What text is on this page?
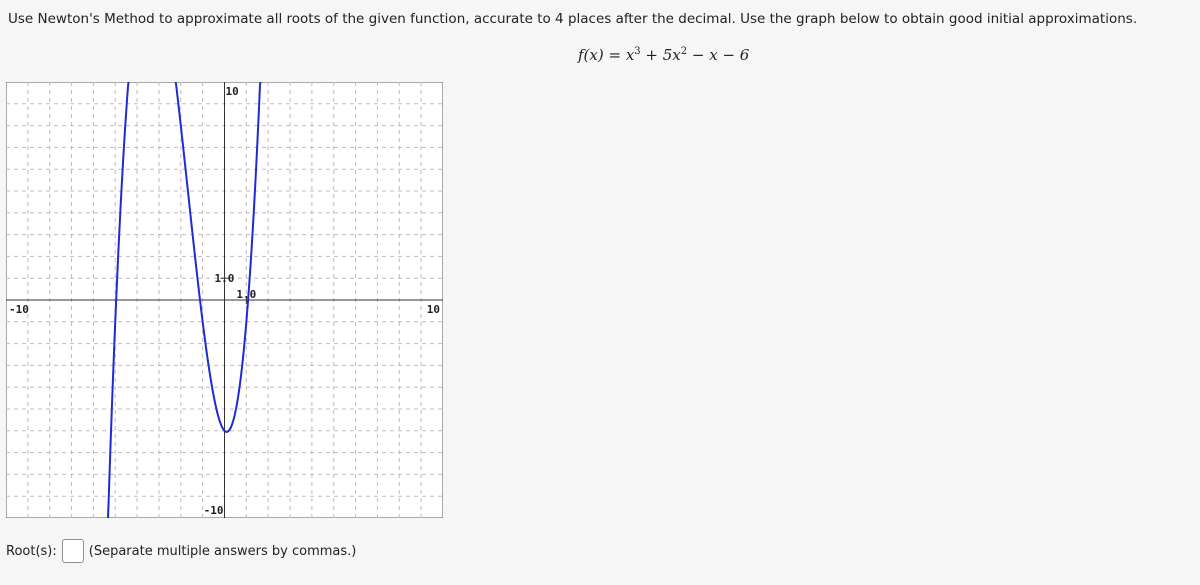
Use Newton's Method to approximate all roots of the given function, accurate to 4 places after the decimal. Use the graph below to obtain good initial approximations.
$f(x) = x^3 + 5x^2 - x - 6$
-10	10
10
-10
1.0
1.0
Root(s): (Separate multiple answers by commas.)
